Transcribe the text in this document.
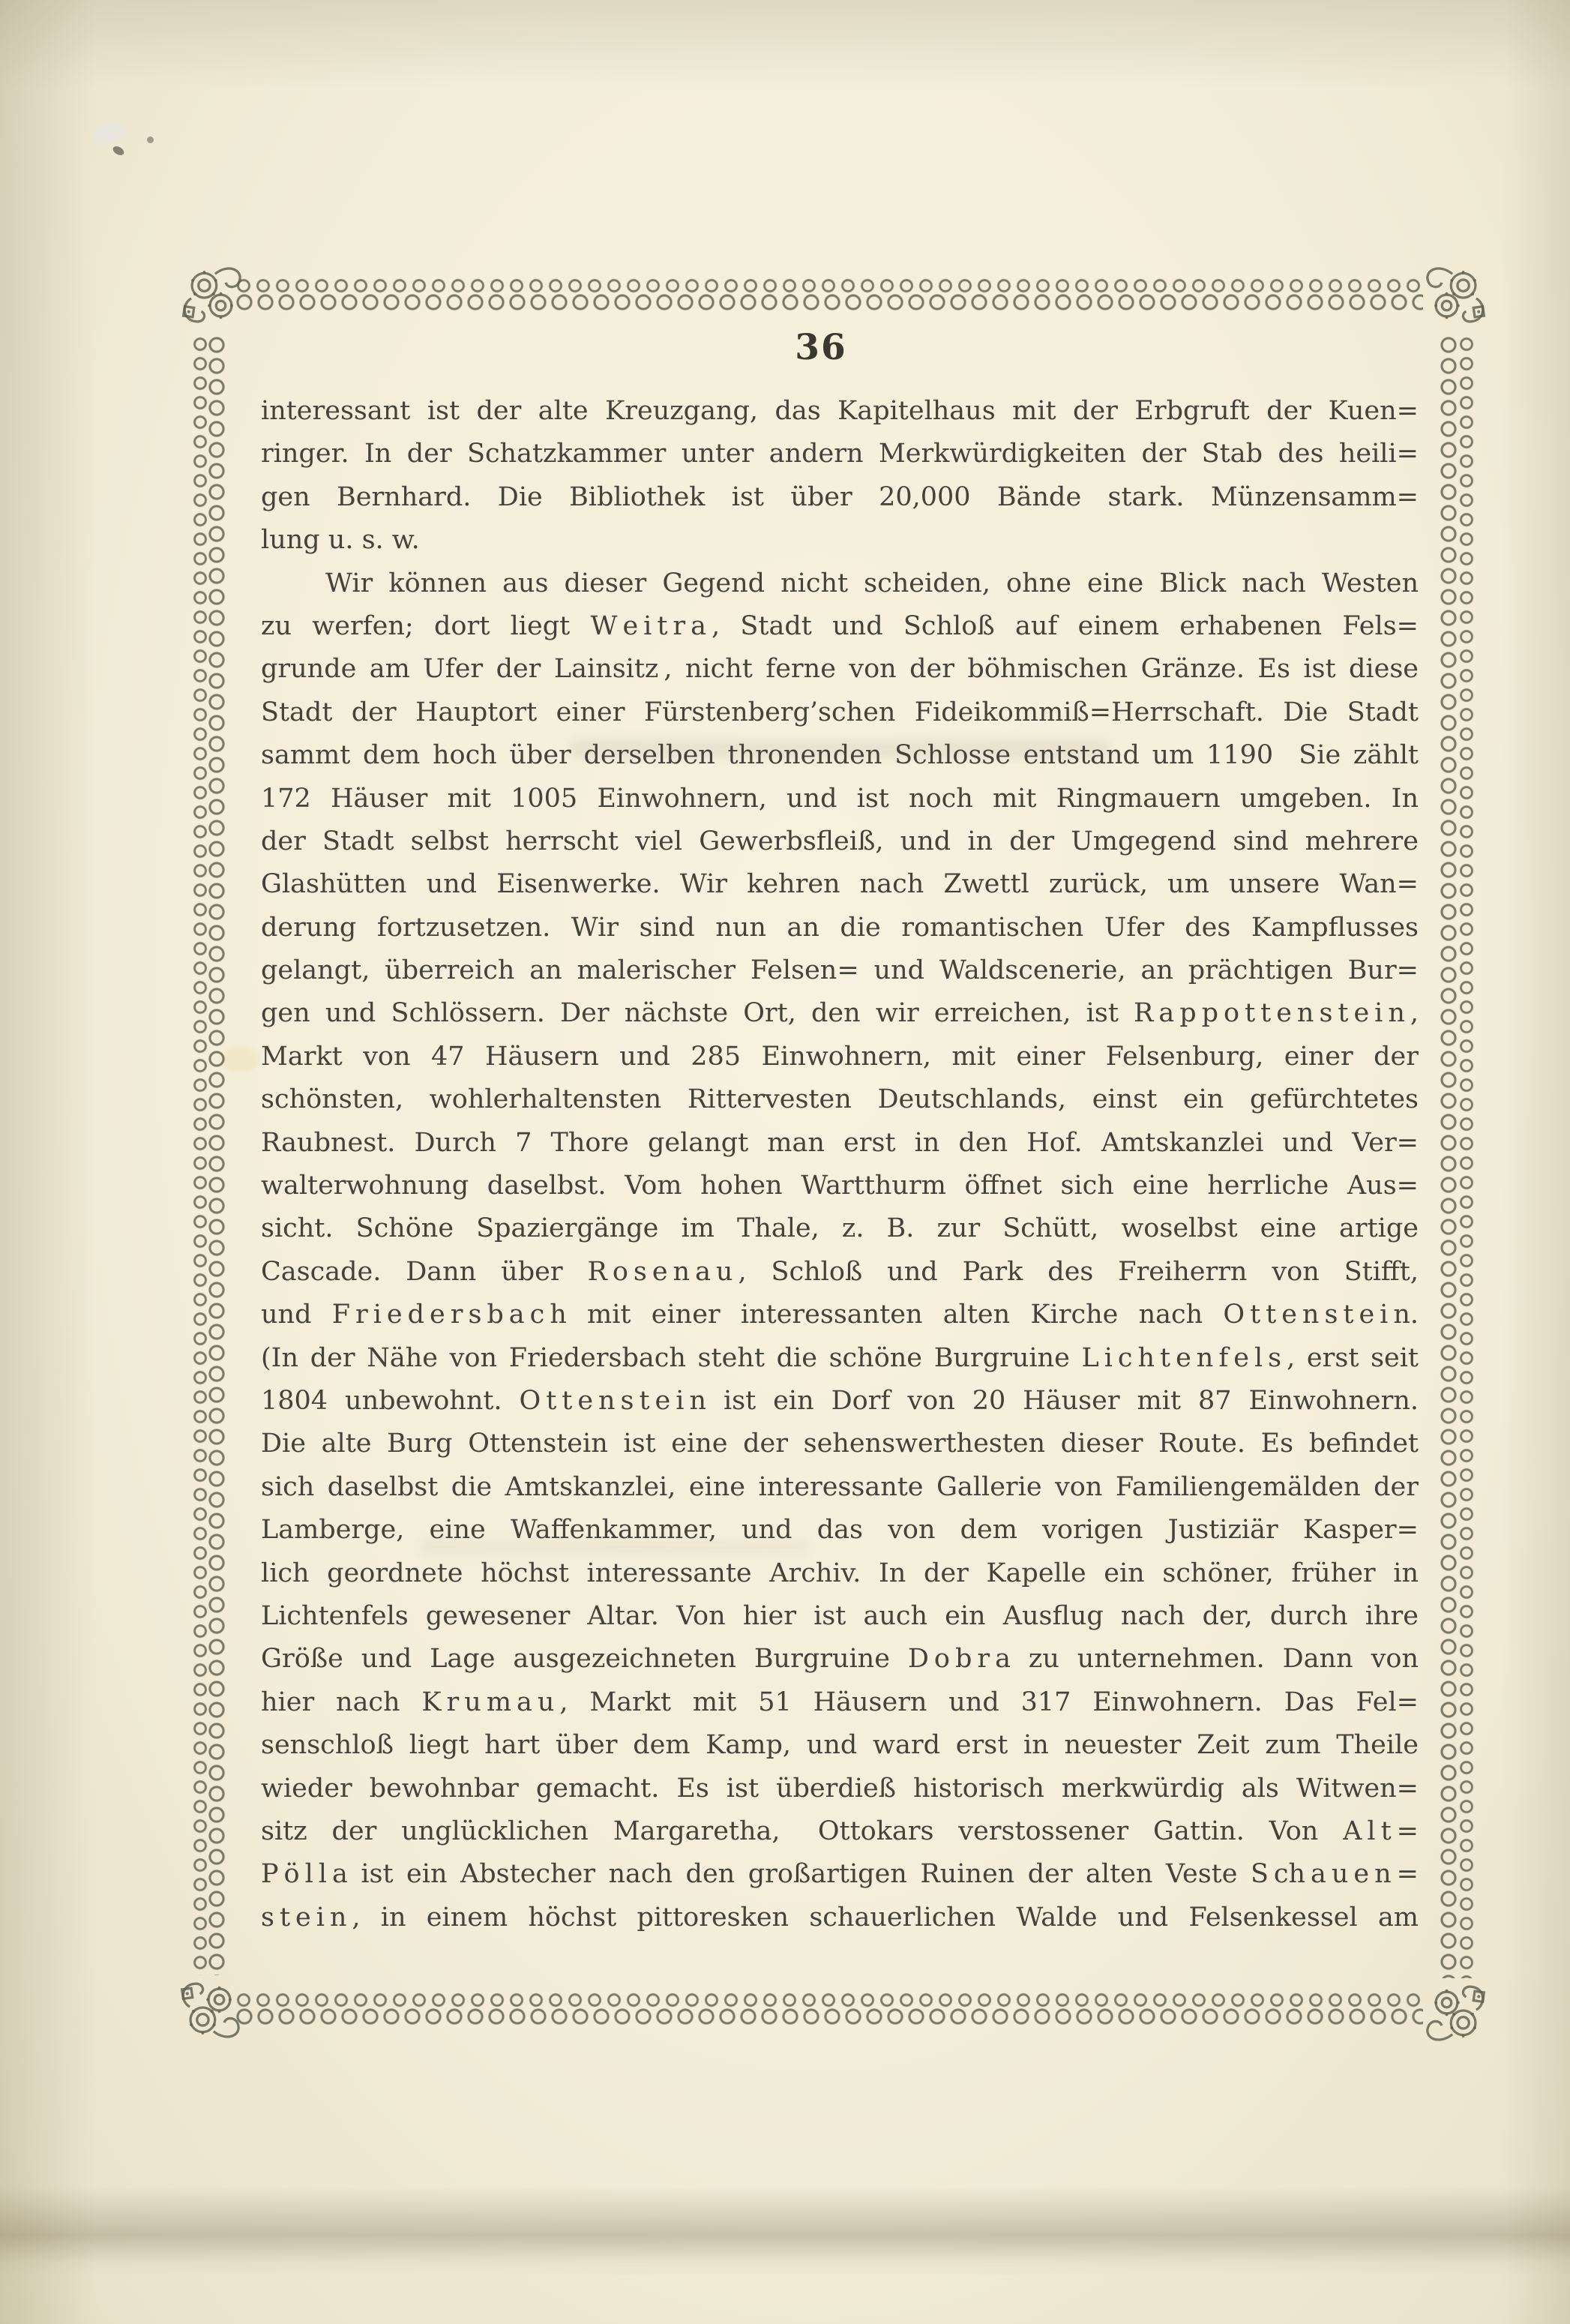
36
interessant ist der alte Kreuzgang, das Kapitelhaus mit der Erbgruft der Kuen=
ringer. In der Schatzkammer unter andern Merkwürdigkeiten der Stab des heili=
gen Bernhard. Die Bibliothek ist über 20,000 Bände stark. Münzensamm=
lung u. s. w.
Wir können aus dieser Gegend nicht scheiden, ohne eine Blick nach Westen
zu werfen; dort liegt W e i t r a , Stadt und Schloß auf einem erhabenen Fels=
grunde am Ufer der Lainsitz , nicht ferne von der böhmischen Gränze. Es ist diese
Stadt der Hauptort einer Fürstenberg’schen Fideikommiß=Herrschaft. Die Stadt
sammt dem hoch über derselben thronenden Schlosse entstand um 1190  Sie zählt
172 Häuser mit 1005 Einwohnern, und ist noch mit Ringmauern umgeben. In
der Stadt selbst herrscht viel Gewerbsfleiß, und in der Umgegend sind mehrere
Glashütten und Eisenwerke. Wir kehren nach Zwettl zurück, um unsere Wan=
derung fortzusetzen. Wir sind nun an die romantischen Ufer des Kampflusses
gelangt, überreich an malerischer Felsen= und Waldscenerie, an prächtigen Bur=
gen und Schlössern. Der nächste Ort, den wir erreichen, ist R a p p o t t e n s t e i n ,
Markt von 47 Häusern und 285 Einwohnern, mit einer Felsenburg, einer der
schönsten, wohlerhaltensten Rittervesten Deutschlands, einst ein gefürchtetes
Raubnest. Durch 7 Thore gelangt man erst in den Hof. Amtskanzlei und Ver=
walterwohnung daselbst. Vom hohen Wartthurm öffnet sich eine herrliche Aus=
sicht. Schöne Spaziergänge im Thale, z. B. zur Schütt, woselbst eine artige
Cascade. Dann über R o s e n a u , Schloß und Park des Freiherrn von Stifft,
und F r i e d e r s b a c h mit einer interessanten alten Kirche nach O t t e n s t e i n.
(In der Nähe von Friedersbach steht die schöne Burgruine L i c h t e n f e l s , erst seit
1804 unbewohnt. O t t e n s t e i n ist ein Dorf von 20 Häuser mit 87 Einwohnern.
Die alte Burg Ottenstein ist eine der sehenswerthesten dieser Route. Es befindet
sich daselbst die Amtskanzlei, eine interessante Gallerie von Familiengemälden der
Lamberge, eine Waffenkammer, und das von dem vorigen Justiziär Kasper=
lich geordnete höchst interessante Archiv. In der Kapelle ein schöner, früher in
Lichtenfels gewesener Altar. Von hier ist auch ein Ausflug nach der, durch ihre
Größe und Lage ausgezeichneten Burgruine D o b r a zu unternehmen. Dann von
hier nach K r u m a u , Markt mit 51 Häusern und 317 Einwohnern. Das Fel=
senschloß liegt hart über dem Kamp, und ward erst in neuester Zeit zum Theile
wieder bewohnbar gemacht. Es ist überdieß historisch merkwürdig als Witwen=
sitz der unglücklichen Margaretha,  Ottokars verstossener Gattin. Von A l t =
P ö l l a ist ein Abstecher nach den großartigen Ruinen der alten Veste S ch a u e n =
s t e i n , in einem höchst pittoresken schauerlichen Walde und Felsenkessel am
